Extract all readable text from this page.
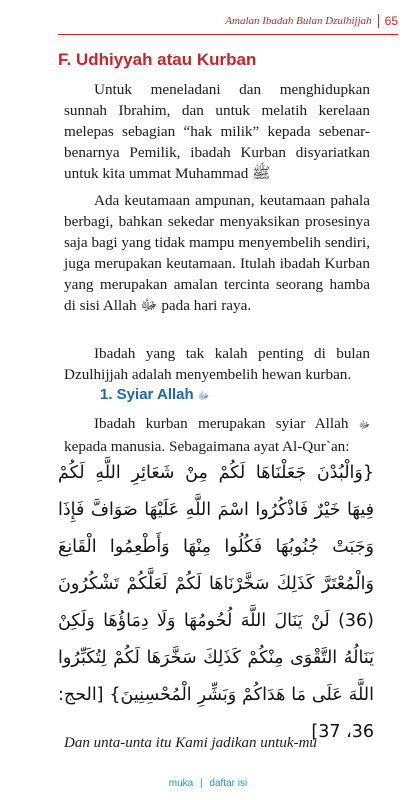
Amalan Ibadah Bulan Dzulhijjah 65
F. Udhiyyah atau Kurban

Untuk meneladani dan menghidupkan sunnah Ibrahim, dan untuk melatih kerelaan melepas sebagian “hak milik” kepada sebenar-benarnya Pemilik, ibadah Kurban disyariatkan untuk kita ummat Muhammad ﷺ

Ada keutamaan ampunan, keutamaan pahala berbagi, bahkan sekedar menyaksikan prosesinya saja bagi yang tidak mampu menyembelih sendiri, juga merupakan keutamaan. Itulah ibadah Kurban yang merupakan amalan tercinta seorang hamba di sisi Allah ﷻ pada hari raya.

Ibadah yang tak kalah penting di bulan Dzulhijjah adalah menyembelih hewan kurban.

1. Syiar Allah ﷻ

Ibadah kurban merupakan syiar Allah ﷻ kepada manusia. Sebagaimana ayat Al-Qur`an:

{وَالْبُدْنَ جَعَلْنَاهَا لَكُمْ مِنْ شَعَائِرِ اللَّهِ لَكُمْ فِيهَا خَيْرٌ فَاذْكُرُوا اسْمَ اللَّهِ عَلَيْهَا صَوَافَّ فَإِذَا وَجَبَتْ جُنُوبُهَا فَكُلُوا مِنْهَا وَأَطْعِمُوا الْقَانِعَ وَالْمُعْتَرَّ كَذَلِكَ سَخَّرْنَاهَا لَكُمْ لَعَلَّكُمْ تَشْكُرُونَ (36) لَنْ يَنَالَ اللَّهَ لُحُومُهَا وَلَا دِمَاؤُهَا وَلَكِنْ يَنَالُهُ التَّقْوَى مِنْكُمْ كَذَلِكَ سَخَّرَهَا لَكُمْ لِتُكَبِّرُوا اللَّهَ عَلَى مَا هَدَاكُمْ وَبَشِّرِ الْمُحْسِنِينَ} [الحج: 36، 37]

Dan unta-unta itu Kami jadikan untuk-mu

muka | daftar isi
